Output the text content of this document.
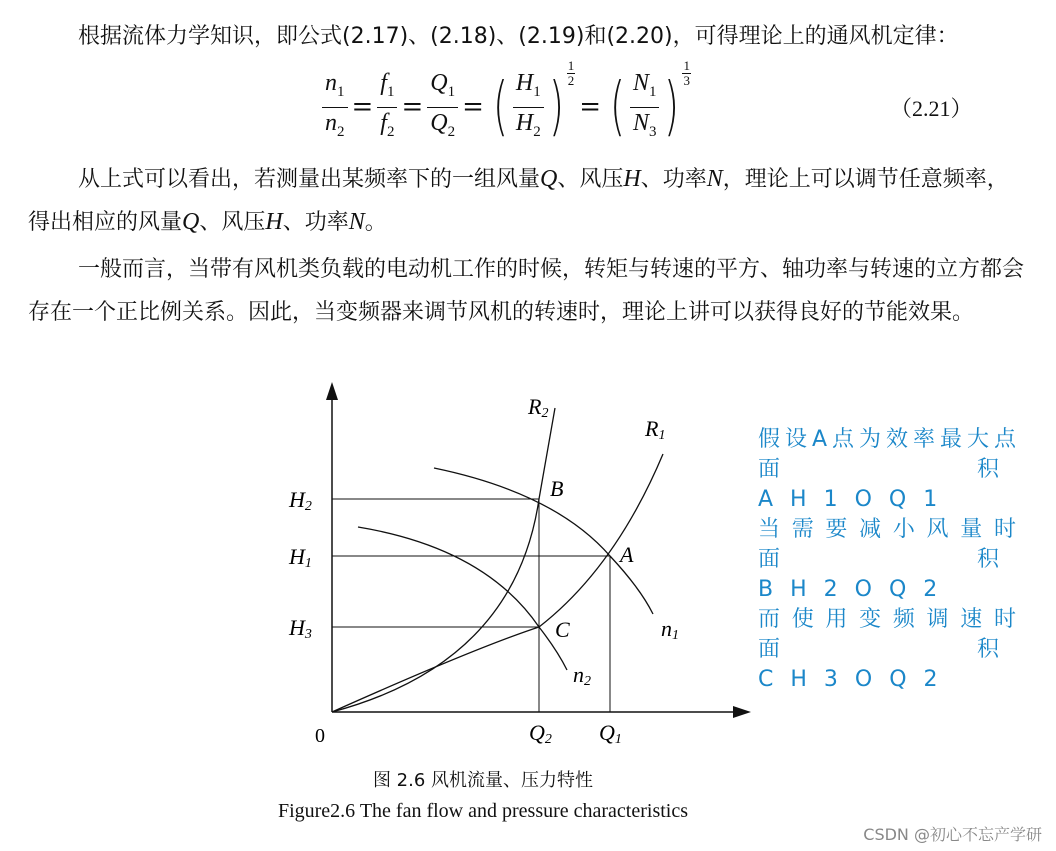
根据流体力学知识，即公式(2.17)、(2.18)、(2.19)和(2.20)，可得理论上的通风机定律：

$\frac{n_1}{n_2} = \frac{f_1}{f_2} = \frac{Q_1}{Q_2}$ = ( $\frac{H_1}{H_2}$ ) $\frac{1}{2}$
= ( $\frac{N_1}{N_3}$ ) $\frac{1}{3}$
（2.21）

从上式可以看出，若测量出某频率下的一组风量Q、风压H、功率N，理论上可以调节任意频率，得出相应的风量Q、风压H、功率N。

一般而言，当带有风机类负载的电动机工作的时候，转矩与转速的平方、轴功率与转速的立方都会存在一个正比例关系。因此，当变频器来调节风机的转速时，理论上讲可以获得良好的节能效果。

0
H2
H1
H3
Q2 Q1
R2
R1
n1
n2
A
B
C
假设A点为效率最大点
面积AH1OQ1
当需要减小风量时
面积BH2OQ2
而使用变频调速时
面积CH3OQ2
图 2.6 风机流量、压力特性
Figure2.6 The fan flow and pressure characteristics
CSDN @初心不忘产学研
